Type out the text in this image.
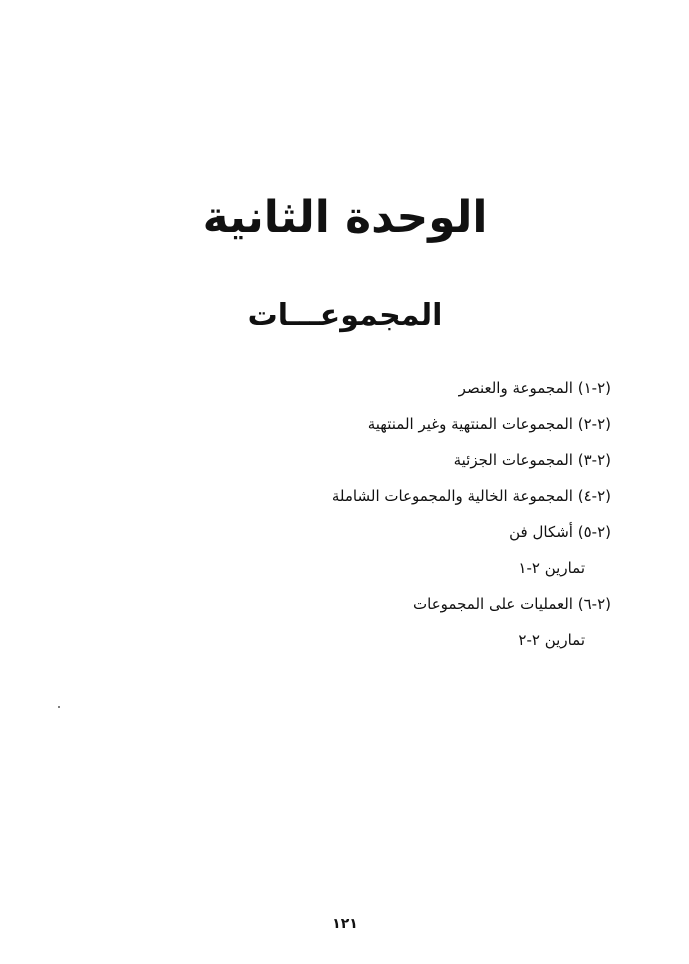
الوحدة الثانية
المجموعـــات
(٢-١) المجموعة والعنصر
(٢-٢) المجموعات المنتهية وغير المنتهية
(٢-٣) المجموعات الجزئية
(٢-٤) المجموعة الخالية والمجموعات الشاملة
(٢-٥) أشكال فن
تمارين ٢-١
(٢-٦) العمليات على المجموعات
تمارين ٢-٢
١٢١
